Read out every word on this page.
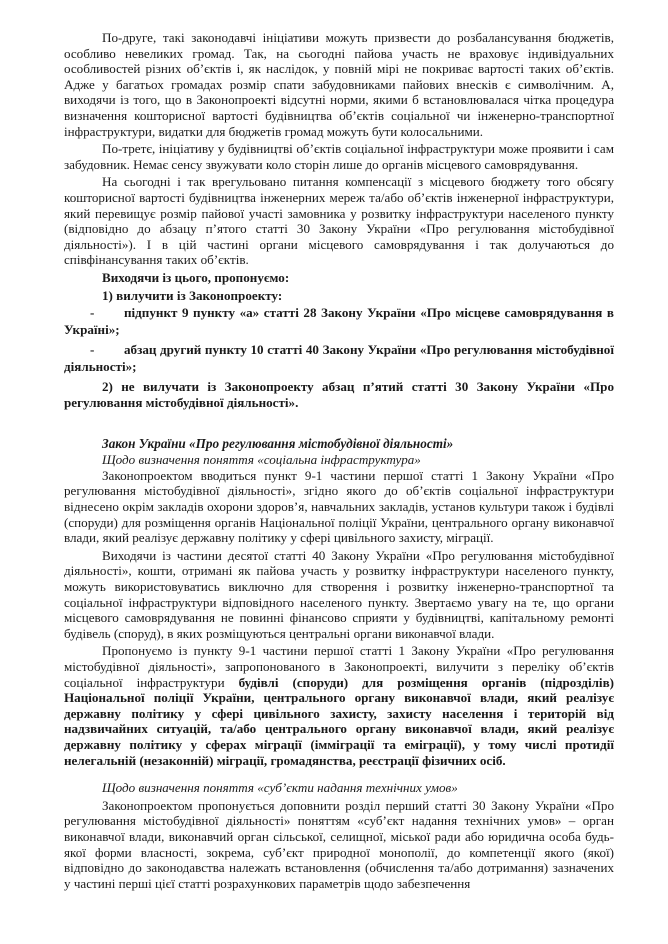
По-друге, такі законодавчі ініціативи можуть призвести до розбалансування бюджетів, особливо невеликих громад. Так, на сьогодні пайова участь не враховує індивідуальних особливостей різних об’єктів і, як наслідок, у повній мірі не покриває вартості таких об’єктів. Адже у багатьох громадах розмір спати забудовниками пайових внесків є символічним. А, виходячи із того, що в Законопроекті відсутні норми, якими б встановлювалася чітка процедура визначення кошторисної вартості будівництва об’єктів соціальної чи інженерно-транспортної інфраструктури, видатки для бюджетів громад можуть бути колосальними.

По-третє, ініціативу у будівництві об’єктів соціальної інфраструктури може проявити і сам забудовник. Немає сенсу звужувати коло сторін лише до органів місцевого самоврядування.

На сьогодні і так врегульовано питання компенсації з місцевого бюджету того обсягу кошторисної вартості будівництва інженерних мереж та/або об’єктів інженерної інфраструктури, який перевищує розмір пайової участі замовника у розвитку інфраструктури населеного пункту (відповідно до абзацу п’ятого статті 30 Закону України «Про регулювання містобудівної діяльності»). І в цій частині органи місцевого самоврядування і так долучаються до співфінансування таких об’єктів.

Виходячи із цього, пропонуємо:

1) вилучити із Законопроекту:

- підпункт 9 пункту «а» статті 28 Закону України «Про місцеве самоврядування в Україні»;

- абзац другий пункту 10 статті 40 Закону України «Про регулювання містобудівної діяльності»;

2) не вилучати із Законопроекту абзац п’ятий статті 30 Закону України «Про регулювання містобудівної діяльності».

Закон України «Про регулювання містобудівної діяльності»

Щодо визначення поняття «соціальна інфраструктура»

Законопроектом вводиться пункт 9-1 частини першої статті 1 Закону України «Про регулювання містобудівної діяльності», згідно якого до об’єктів соціальної інфраструктури віднесено окрім закладів охорони здоров’я, навчальних закладів, установ культури також і будівлі (споруди) для розміщення органів Національної поліції України, центрального органу виконавчої влади, який реалізує державну політику у сфері цивільного захисту, міграції.

Виходячи із частини десятої статті 40 Закону України «Про регулювання містобудівної діяльності», кошти, отримані як пайова участь у розвитку інфраструктури населеного пункту, можуть використовуватись виключно для створення і розвитку інженерно-транспортної та соціальної інфраструктури відповідного населеного пункту. Звертаємо увагу на те, що органи місцевого самоврядування не повинні фінансово сприяти у будівництві, капітальному ремонті будівель (споруд), в яких розміщуються центральні органи виконавчої влади.

Пропонуємо із пункту 9-1 частини першої статті 1 Закону України «Про регулювання містобудівної діяльності», запропонованого в Законопроекті, вилучити з переліку об’єктів соціальної інфраструктури будівлі (споруди) для розміщення органів (підрозділів) Національної поліції України, центрального органу виконавчої влади, який реалізує державну політику у сфері цивільного захисту, захисту населення і територій від надзвичайних ситуацій, та/або центрального органу виконавчої влади, який реалізує державну політику у сферах міграції (імміграції та еміграції), у тому числі протидії нелегальній (незаконній) міграції, громадянства, реєстрації фізичних осіб.

Щодо визначення поняття «суб’єкти надання технічних умов»

Законопроектом пропонується доповнити розділ перший статті 30 Закону України «Про регулювання містобудівної діяльності» поняттям «суб’єкт надання технічних умов» – орган виконавчої влади, виконавчий орган сільської, селищної, міської ради або юридична особа будь-якої форми власності, зокрема, суб’єкт природної монополії, до компетенції якого (якої) відповідно до законодавства належать встановлення (обчислення та/або дотримання) зазначених у частині перші цієї статті розрахункових параметрів щодо забезпечення
